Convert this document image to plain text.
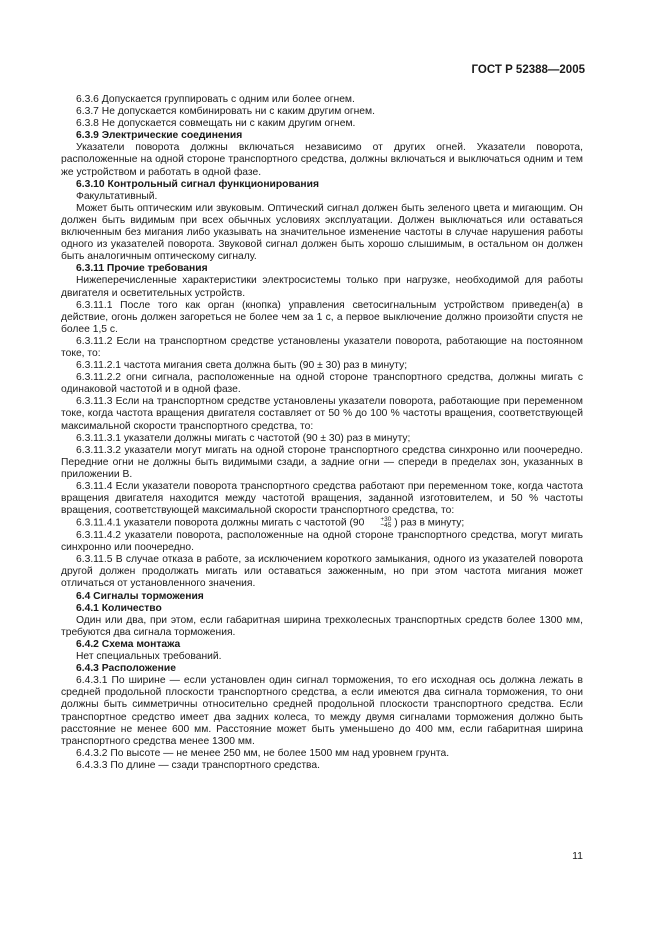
ГОСТ Р 52388—2005

6.3.6 Допускается группировать с одним или более огнем.

6.3.7 Не допускается комбинировать ни с каким другим огнем.

6.3.8 Не допускается совмещать ни с каким другим огнем.

6.3.9 Электрические соединения

Указатели поворота должны включаться независимо от других огней. Указатели поворота, расположенные на одной стороне транспортного средства, должны включаться и выключаться одним и тем же устройством и работать в одной фазе.

6.3.10 Контрольный сигнал функционирования

Факультативный.

Может быть оптическим или звуковым. Оптический сигнал должен быть зеленого цвета и мигающим. Он должен быть видимым при всех обычных условиях эксплуатации. Должен выключаться или оставаться включенным без мигания либо указывать на значительное изменение частоты в случае нарушения работы одного из указателей поворота. Звуковой сигнал должен быть хорошо слышимым, в остальном он должен быть аналогичным оптическому сигналу.

6.3.11 Прочие требования

Нижеперечисленные характеристики электросистемы только при нагрузке, необходимой для работы двигателя и осветительных устройств.

6.3.11.1 После того как орган (кнопка) управления светосигнальным устройством приведен(а) в действие, огонь должен загореться не более чем за 1 с, а первое выключение должно произойти спустя не более 1,5 с.

6.3.11.2 Если на транспортном средстве установлены указатели поворота, работающие на постоянном токе, то:

6.3.11.2.1 частота мигания света должна быть (90 ± 30) раз в минуту;

6.3.11.2.2 огни сигнала, расположенные на одной стороне транспортного средства, должны мигать с одинаковой частотой и в одной фазе.

6.3.11.3 Если на транспортном средстве установлены указатели поворота, работающие при переменном токе, когда частота вращения двигателя составляет от 50 % до 100 % частоты вращения, соответствующей максимальной скорости транспортного средства, то:

6.3.11.3.1 указатели должны мигать с частотой (90 ± 30) раз в минуту;

6.3.11.3.2 указатели могут мигать на одной стороне транспортного средства синхронно или поочередно. Передние огни не должны быть видимыми сзади, а задние огни — спереди в пределах зон, указанных в приложении В.

6.3.11.4 Если указатели поворота транспортного средства работают при переменном токе, когда частота вращения двигателя находится между частотой вращения, заданной изготовителем, и 50 % частоты вращения, соответствующей максимальной скорости транспортного средства, то:

6.3.11.4.1 указатели поворота должны мигать с частотой (90	+30
−45 ) раз в минуту;

6.3.11.4.2 указатели поворота, расположенные на одной стороне транспортного средства, могут мигать синхронно или поочередно.

6.3.11.5 В случае отказа в работе, за исключением короткого замыкания, одного из указателей поворота другой должен продолжать мигать или оставаться зажженным, но при этом частота мигания может отличаться от установленного значения.

6.4 Сигналы торможения

6.4.1 Количество

Один или два, при этом, если габаритная ширина трехколесных транспортных средств более 1300 мм, требуются два сигнала торможения.

6.4.2 Схема монтажа

Нет специальных требований.

6.4.3 Расположение

6.4.3.1 По ширине — если установлен один сигнал торможения, то его исходная ось должна лежать в средней продольной плоскости транспортного средства, а если имеются два сигнала торможения, то они должны быть симметричны относительно средней продольной плоскости транспортного средства. Если транспортное средство имеет два задних колеса, то между двумя сигналами торможения должно быть расстояние не менее 600 мм. Расстояние может быть уменьшено до 400 мм, если габаритная ширина транспортного средства менее 1300 мм.

6.4.3.2 По высоте — не менее 250 мм, не более 1500 мм над уровнем грунта.

6.4.3.3 По длине — сзади транспортного средства.

11
